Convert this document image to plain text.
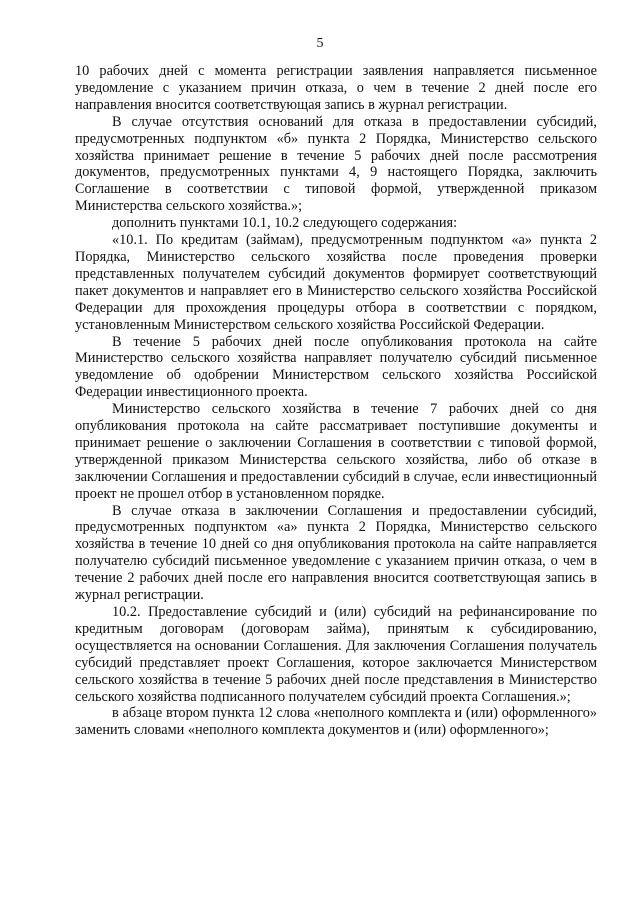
5

10 рабочих дней с момента регистрации заявления направляется письменное уведомление с указанием причин отказа, о чем в течение 2 дней после его направления вносится соответствующая запись в журнал регистрации.

В случае отсутствия оснований для отказа в предоставлении субсидий, предусмотренных подпунктом «б» пункта 2 Порядка, Министерство сельского хозяйства принимает решение в течение 5 рабочих дней после рассмотрения документов, предусмотренных пунктами 4, 9 настоящего Порядка, заключить Соглашение в соответствии с типовой формой, утвержденной приказом Министерства сельского хозяйства.»;

дополнить пунктами 10.1, 10.2 следующего содержания:

«10.1. По кредитам (займам), предусмотренным подпунктом «а» пункта 2 Порядка, Министерство сельского хозяйства после проведения проверки представленных получателем субсидий документов формирует соответствующий пакет документов и направляет его в Министерство сельского хозяйства Российской Федерации для прохождения процедуры отбора в соответствии с порядком, установленным Министерством сельского хозяйства Российской Федерации.

В течение 5 рабочих дней после опубликования протокола на сайте Министерство сельского хозяйства направляет получателю субсидий письменное уведомление об одобрении Министерством сельского хозяйства Российской Федерации инвестиционного проекта.

Министерство сельского хозяйства в течение 7 рабочих дней со дня опубликования протокола на сайте рассматривает поступившие документы и принимает решение о заключении Соглашения в соответствии с типовой формой, утвержденной приказом Министерства сельского хозяйства, либо об отказе в заключении Соглашения и предоставлении субсидий в случае, если инвестиционный проект не прошел отбор в установленном порядке.

В случае отказа в заключении Соглашения и предоставлении субсидий, предусмотренных подпунктом «а» пункта 2 Порядка, Министерство сельского хозяйства в течение 10 дней со дня опубликования протокола на сайте направляется получателю субсидий письменное уведомление с указанием причин отказа, о чем в течение 2 рабочих дней после его направления вносится соответствующая запись в журнал регистрации.

10.2. Предоставление субсидий и (или) субсидий на рефинансирование по кредитным договорам (договорам займа), принятым к субсидированию, осуществляется на основании Соглашения. Для заключения Соглашения получатель субсидий представляет проект Соглашения, которое заключается Министерством сельского хозяйства в течение 5 рабочих дней после представления в Министерство сельского хозяйства подписанного получателем субсидий проекта Соглашения.»;

в абзаце втором пункта 12 слова «неполного комплекта и (или) оформленного» заменить словами «неполного комплекта документов и (или) оформленного»;
